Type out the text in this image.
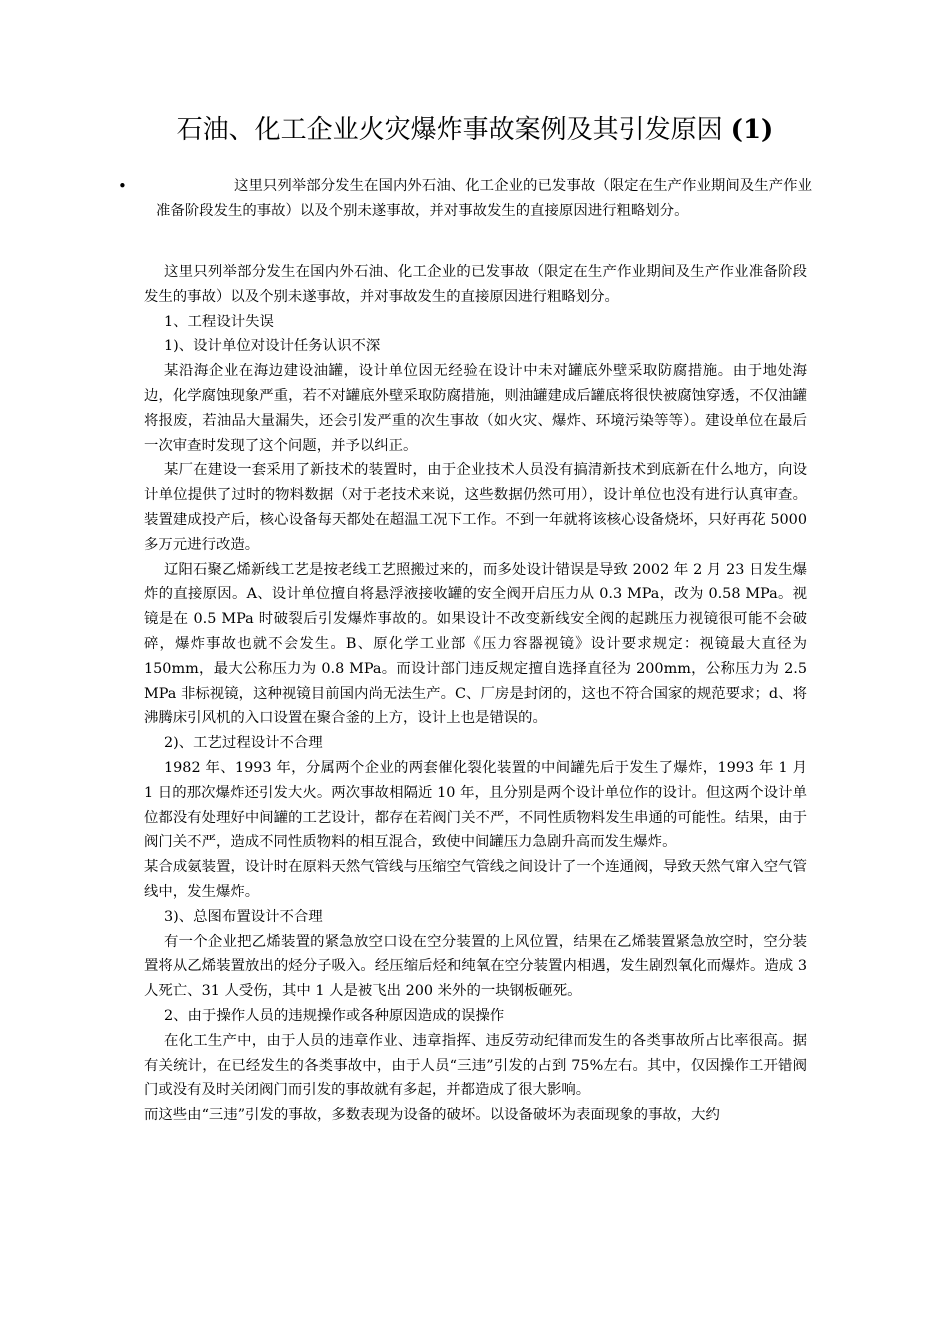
石油、化工企业火灾爆炸事故案例及其引发原因 (1)
•	这里只列举部分发生在国内外石油、化工企业的已发事故（限定在生产作业期间及生产作业准备阶段发生的事故）以及个别未遂事故，并对事故发生的直接原因进行粗略划分。

这里只列举部分发生在国内外石油、化工企业的已发事故（限定在生产作业期间及生产作业准备阶段发生的事故）以及个别未遂事故，并对事故发生的直接原因进行粗略划分。

1、工程设计失误

1)、设计单位对设计任务认识不深

某沿海企业在海边建设油罐，设计单位因无经验在设计中未对罐底外壁采取防腐措施。由于地处海边，化学腐蚀现象严重，若不对罐底外壁采取防腐措施，则油罐建成后罐底将很快被腐蚀穿透，不仅油罐将报废，若油品大量漏失，还会引发严重的次生事故（如火灾、爆炸、环境污染等等）。建设单位在最后一次审查时发现了这个问题，并予以纠正。

某厂在建设一套采用了新技术的装置时，由于企业技术人员没有搞清新技术到底新在什么地方，向设计单位提供了过时的物料数据（对于老技术来说，这些数据仍然可用），设计单位也没有进行认真审查。装置建成投产后，核心设备每天都处在超温工况下工作。不到一年就将该核心设备烧坏，只好再花 5000 多万元进行改造。

辽阳石聚乙烯新线工艺是按老线工艺照搬过来的，而多处设计错误是导致 2002 年 2 月 23 日发生爆炸的直接原因。A、设计单位擅自将悬浮液接收罐的安全阀开启压力从 0.3 MPa，改为 0.58 MPa。视镜是在 0.5 MPa 时破裂后引发爆炸事故的。如果设计不改变新线安全阀的起跳压力视镜很可能不会破碎，爆炸事故也就不会发生。B、原化学工业部《压力容器视镜》设计要求规定：视镜最大直径为 150mm，最大公称压力为 0.8 MPa。而设计部门违反规定擅自选择直径为 200mm，公称压力为 2.5 MPa 非标视镜，这种视镜目前国内尚无法生产。C、厂房是封闭的，这也不符合国家的规范要求；d、将沸腾床引风机的入口设置在聚合釜的上方，设计上也是错误的。

2)、工艺过程设计不合理

1982 年、1993 年，分属两个企业的两套催化裂化装置的中间罐先后于发生了爆炸，1993 年 1 月 1 日的那次爆炸还引发大火。两次事故相隔近 10 年，且分别是两个设计单位作的设计。但这两个设计单位都没有处理好中间罐的工艺设计，都存在若阀门关不严，不同性质物料发生串通的可能性。结果，由于阀门关不严，造成不同性质物料的相互混合，致使中间罐压力急剧升高而发生爆炸。

某合成氨装置，设计时在原料天然气管线与压缩空气管线之间设计了一个连通阀，导致天然气窜入空气管线中，发生爆炸。

3)、总图布置设计不合理

有一个企业把乙烯装置的紧急放空口设在空分装置的上风位置，结果在乙烯装置紧急放空时，空分装置将从乙烯装置放出的烃分子吸入。经压缩后烃和纯氧在空分装置内相遇，发生剧烈氧化而爆炸。造成 3 人死亡、31 人受伤，其中 1 人是被飞出 200 米外的一块钢板砸死。

2、由于操作人员的违规操作或各种原因造成的误操作

在化工生产中，由于人员的违章作业、违章指挥、违反劳动纪律而发生的各类事故所占比率很高。据有关统计，在已经发生的各类事故中，由于人员“三违”引发的占到 75%左右。其中，仅因操作工开错阀门或没有及时关闭阀门而引发的事故就有多起，并都造成了很大影响。

而这些由“三违”引发的事故，多数表现为设备的破坏。以设备破坏为表面现象的事故，大约
